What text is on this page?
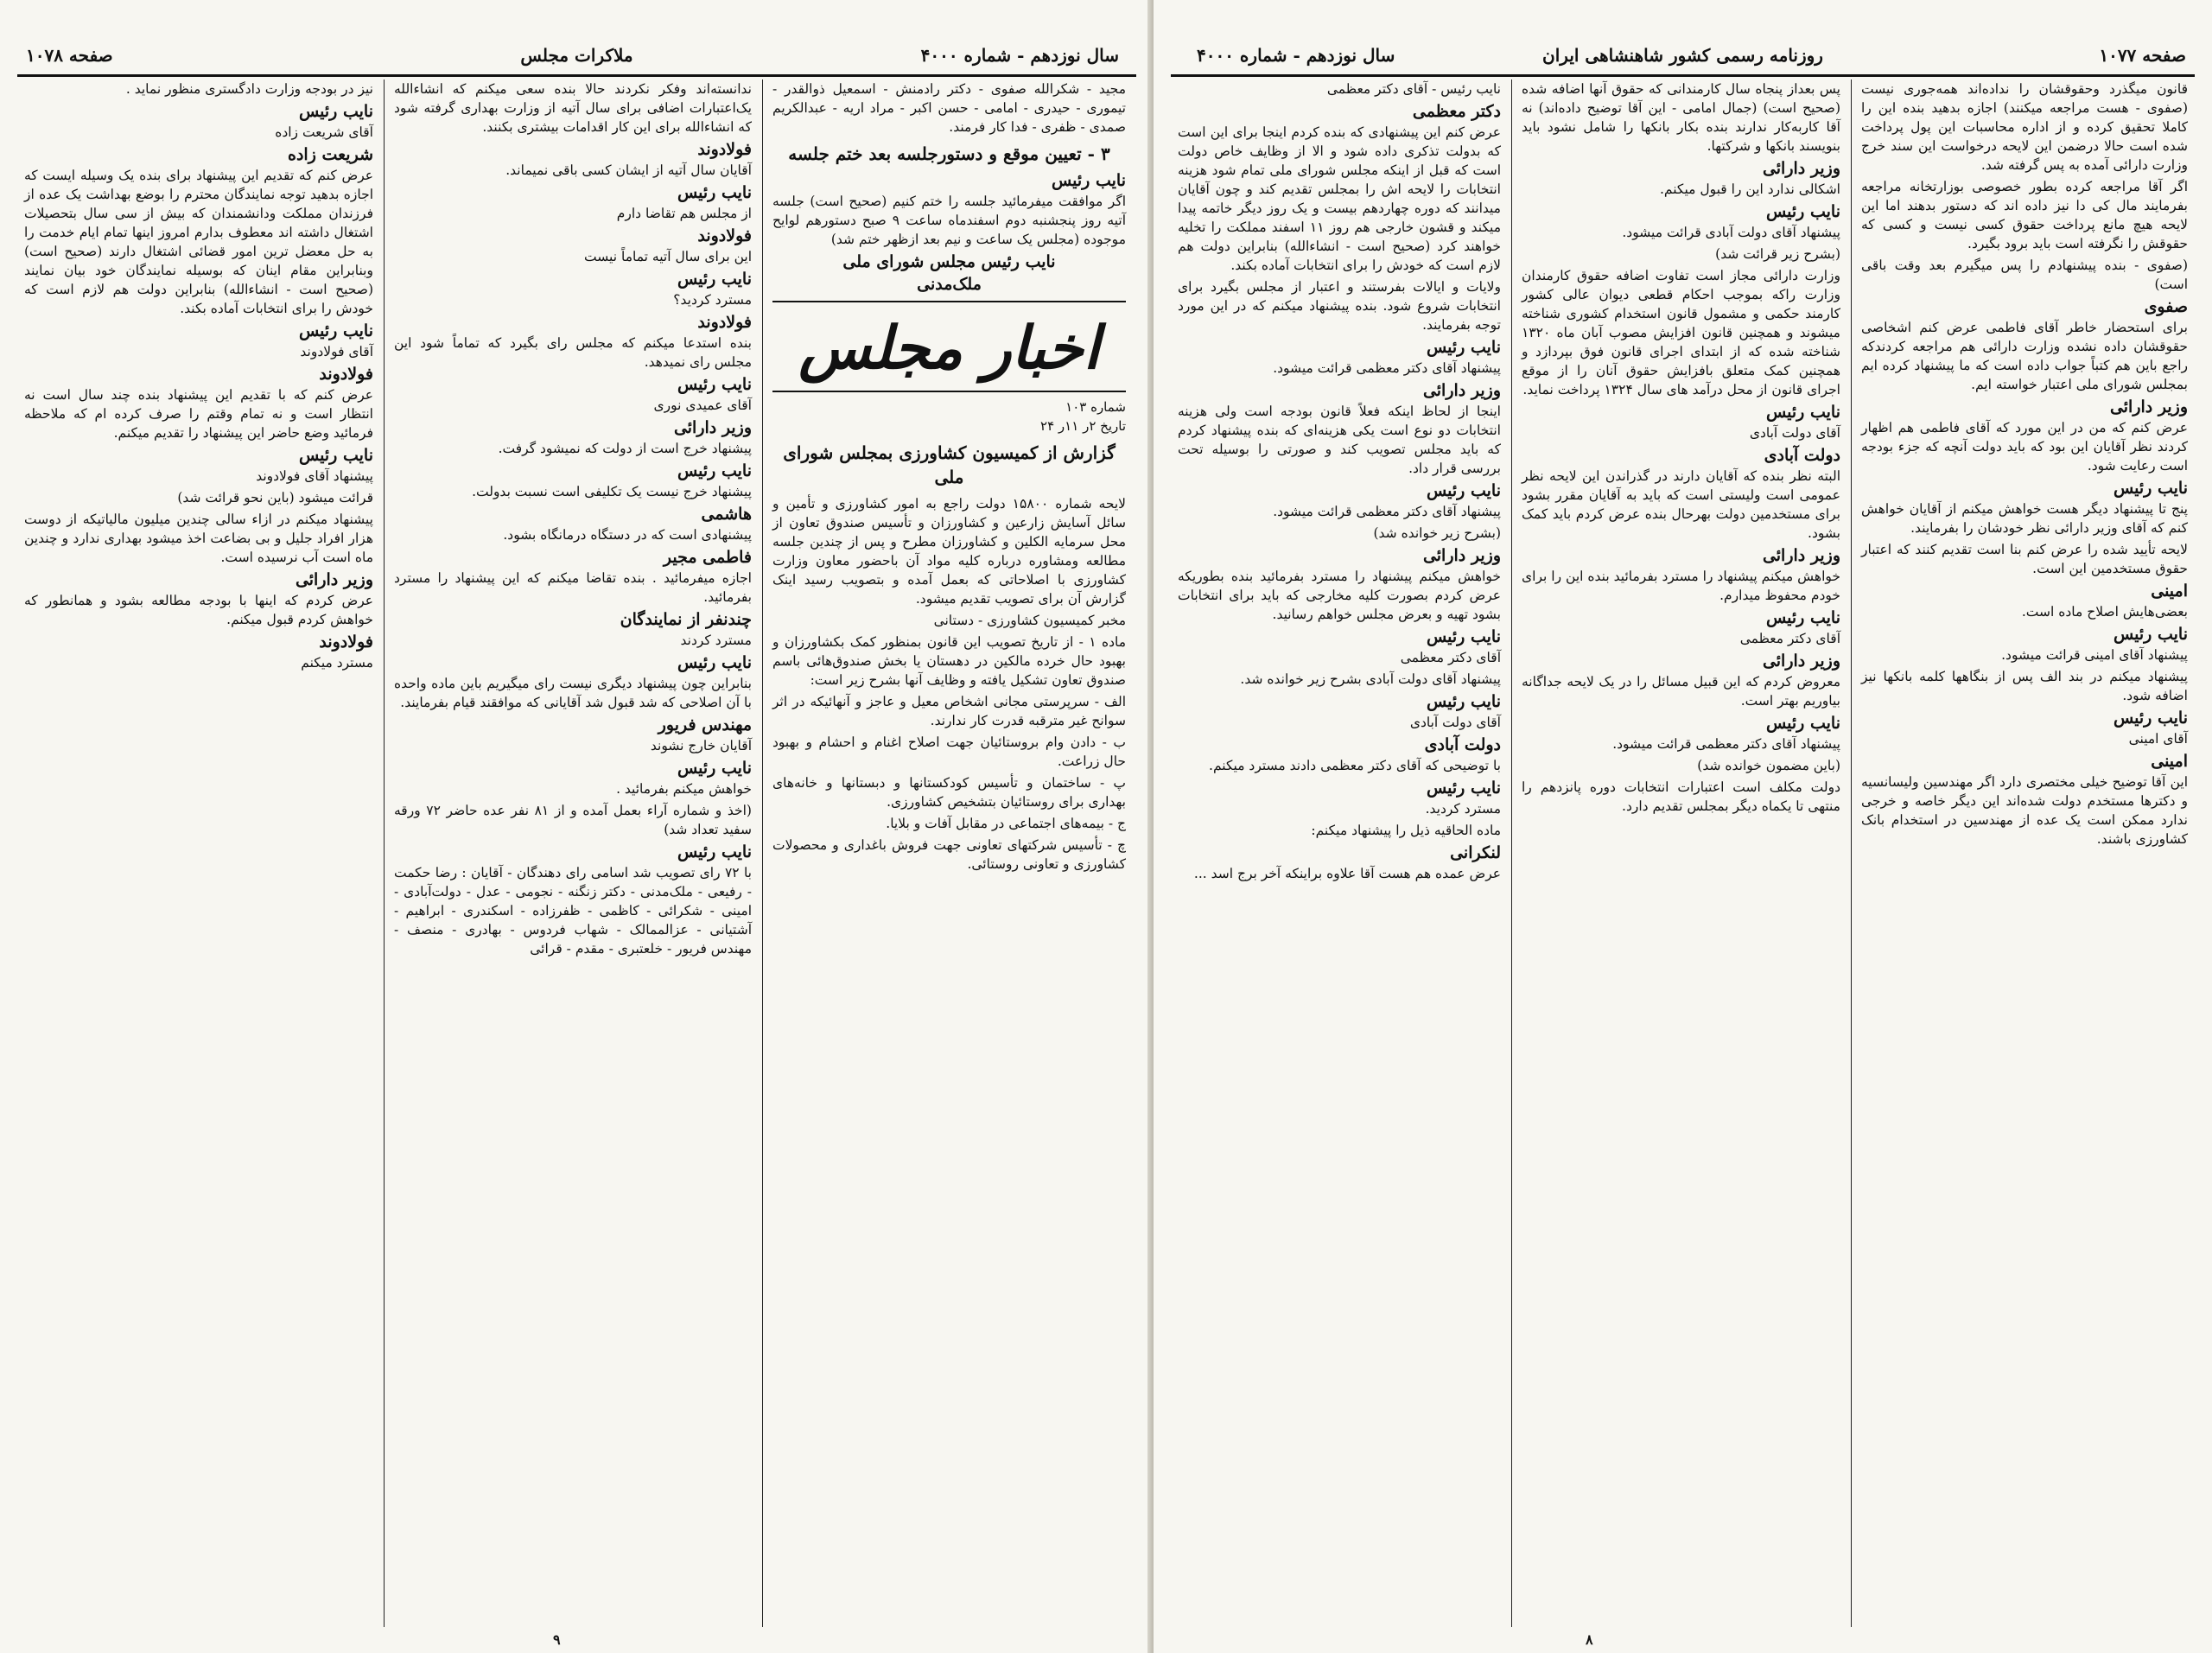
صفحه ۱۰۷۸	ملاکرات مجلس	سال نوزدهم - شماره ۴۰۰۰

نیز در بودجه وزارت دادگستری منظور نماید .

نایب رئیس

آقای شریعت زاده

شریعت زاده

عرض کنم که تقدیم این پیشنهاد برای بنده یک وسیله ایست که اجازه بدهید توجه نمایندگان محترم را بوضع بهداشت یک عده از فرزندان مملکت ودانشمندان که بیش از سی سال بتحصیلات اشتغال داشته اند معطوف بدارم امروز اینها تمام ایام خدمت را به حل معضل ترین امور قضائی اشتغال دارند (صحیح است) وبنابراین مقام اینان که بوسیله نمایندگان خود بیان نمایند (صحیح است - انشاءالله) بنابراین دولت هم لازم است که خودش را برای انتخابات آماده بکند.

نایب رئیس

آقای فولادوند

فولادوند

عرض کنم که با تقدیم این پیشنهاد بنده چند سال است نه انتظار است و نه تمام وقتم را صرف کرده ام که ملاحظه فرمائید وضع حاضر این پیشنهاد را تقدیم میکنم.

نایب رئیس

پیشنهاد آقای فولادوند

قرائت میشود (باین نحو قرائت شد)

پیشنهاد میکنم در ازاء سالی چندین میلیون مالیاتیکه از دوست هزار افراد جلیل و بی بضاعت اخذ میشود بهداری ندارد و چندین ماه است آب نرسیده است.

وزیر دارائی

عرض کردم که اینها با بودجه مطالعه بشود و همانطور که خواهش کردم قبول میکنم.

فولادوند

مسترد میکنم

ندانسته‌اند وفکر نکردند حالا بنده سعی میکنم که انشاءالله یک‌اعتبارات اضافی برای سال آتیه از وزارت بهداری گرفته شود که انشاءالله برای این کار اقدامات بیشتری بکنند.

فولادوند

آقایان سال آتیه از ایشان کسی باقی نمیماند.

نایب رئیس

از مجلس هم تقاضا دارم

فولادوند

این برای سال آتیه تماماً نیست

نایب رئیس

مسترد کردید؟

فولادوند

بنده استدعا میکنم که مجلس رای بگیرد که تماماً شود این مجلس رای نمیدهد.

نایب رئیس

آقای عمیدی نوری

وزیر دارائی

پیشنهاد خرج است از دولت که نمیشود گرفت.

نایب رئیس

پیشنهاد خرج نیست یک تکلیفی است نسبت بدولت.

هاشمی

پیشنهادی است که در دستگاه درمانگاه بشود.

فاطمی مجیر

اجازه میفرمائید . بنده تقاضا میکنم که این پیشنهاد را مسترد بفرمائید.

چندنفر از نمایندگان

مسترد کردند

نایب رئیس

بنابراین چون پیشنهاد دیگری نیست رای میگیریم باین ماده واحده با آن اصلاحی که شد قبول شد آقایانی که موافقند قیام بفرمایند.

مهندس فریور

آقایان خارج نشوند

نایب رئیس

خواهش میکنم بفرمائید .

(اخذ و شماره آراء بعمل آمده و از ۸۱ نفر عده حاضر ۷۲ ورقه سفید تعداد شد)

نایب رئیس

با ۷۲ رای تصویب شد اسامی رای دهندگان - آقایان : رضا حکمت - رفیعی - ملک‌مدنی - دکتر زنگنه - نجومی - عدل - دولت‌آبادی - امینی - شکرائی - کاظمی - ظفرزاده - اسکندری - ابراهیم - آشتیانی - عزالممالک - شهاب فردوس - بهادری - منصف - مهندس فریور - خلعتبری - مقدم - قرائی

مجید - شکرالله صفوی - دکتر رادمنش - اسمعیل ذوالقدر - تیموری - حیدری - امامی - حسن اکبر - مراد اریه - عبدالکریم صمدی - ظفری - فدا کار فرمند.

۳ - تعیین موقع و دستورجلسه بعد ختم جلسه
نایب رئیس

اگر موافقت میفرمائید جلسه را ختم کنیم (صحیح است) جلسه آتیه روز پنجشنبه دوم اسفندماه ساعت ۹ صبح دستورهم لوایح موجوده (مجلس یک ساعت و نیم بعد ازظهر ختم شد)

نایب رئیس مجلس شورای ملی
ملک‌مدنی
اخبار مجلس
شماره ۱۰۳
تاریخ ۲ر ۱۱ر ۲۴
گزارش از کمیسیون کشاورزی بمجلس شورای ملی

لایحه شماره ۱۵۸۰۰ دولت راجع به امور کشاورزی و تأمین و سائل آسایش زارعین و کشاورزان و تأسیس صندوق تعاون از محل سرمایه الکلین و کشاورزان مطرح و پس از چندین جلسه مطالعه ومشاوره درباره کلیه مواد آن باحضور معاون وزارت کشاورزی با اصلاحاتی که بعمل آمده و بتصویب رسید اینک گزارش آن برای تصویب تقدیم میشود.

مخبر کمیسیون کشاورزی - دستانی

ماده ۱ - از تاریخ تصویب این قانون بمنظور کمک بکشاورزان و بهبود حال خرده مالکین در دهستان یا بخش صندوق‌هائی باسم صندوق تعاون تشکیل یافته و وظایف آنها بشرح زیر است:

الف - سرپرستی مجانی اشخاص معیل و عاجز و آنهائیکه در اثر سوانح غیر مترقبه قدرت کار ندارند.

ب - دادن وام بروستائیان جهت اصلاح اغنام و احشام و بهبود حال زراعت.

پ - ساختمان و تأسیس کودکستانها و دبستانها و خانه‌های بهداری برای روستائیان بتشخیص کشاورزی.

ج - بیمه‌های اجتماعی در مقابل آفات و بلایا.

چ - تأسیس شرکتهای تعاونی جهت فروش باغداری و محصولات کشاورزی و تعاونی روستائی.

۹
سال نوزدهم - شماره ۴۰۰۰	روزنامه رسمی کشور شاهنشاهی ایران	صفحه ۱۰۷۷

نایب رئیس - آقای دکتر معظمی

دکتر معظمی

عرض کنم این پیشنهادی که بنده کردم اینجا برای این است که بدولت تذکری داده شود و الا از وظایف خاص دولت است که قبل از اینکه مجلس شورای ملی تمام شود هزینه انتخابات را لایحه اش را بمجلس تقدیم کند و چون آقایان میدانند که دوره چهاردهم بیست و یک روز دیگر خاتمه پیدا میکند و قشون خارجی هم روز ۱۱ اسفند مملکت را تخلیه خواهند کرد (صحیح است - انشاءالله) بنابراین دولت هم لازم است که خودش را برای انتخابات آماده بکند.

ولایات و ایالات بفرستند و اعتبار از مجلس بگیرد برای انتخابات شروع شود. بنده پیشنهاد میکنم که در این مورد توجه بفرمایند.

نایب رئیس

پیشنهاد آقای دکتر معظمی قرائت میشود.

وزیر دارائی

اینجا از لحاظ اینکه فعلاً قانون بودجه است ولی هزینه انتخابات دو نوع است یکی هزینه‌ای که بنده پیشنهاد کردم که باید مجلس تصویب کند و صورتی را بوسیله تحت بررسی قرار داد.

نایب رئیس

پیشنهاد آقای دکتر معظمی قرائت میشود.

(بشرح زیر خوانده شد)

وزیر دارائی

خواهش میکنم پیشنهاد را مسترد بفرمائید بنده بطوریکه عرض کردم بصورت کلیه مخارجی که باید برای انتخابات بشود تهیه و بعرض مجلس خواهم رسانید.

نایب رئیس

آقای دکتر معظمی

پیشنهاد آقای دولت آبادی بشرح زیر خوانده شد.

نایب رئیس

آقای دولت آبادی

دولت آبادی

با توضیحی که آقای دکتر معظمی دادند مسترد میکنم.

نایب رئیس

مسترد کردید.

ماده الحاقیه ذیل را پیشنهاد میکنم:

لنکرانی

عرض عمده هم هست آقا علاوه براینکه آخر برج اسد ...

پس بعداز پنجاه سال کارمندانی که حقوق آنها اضافه شده (صحیح است) (جمال امامی - این آقا توضیح داده‌اند) نه آقا کاربه‌کار ندارند بنده بکار بانکها را شامل نشود باید بنویسند بانکها و شرکتها.

وزیر دارائی

اشکالی ندارد این را قبول میکنم.

نایب رئیس

پیشنهاد آقای دولت آبادی قرائت میشود.

(بشرح زیر قرائت شد)

وزارت دارائی مجاز است تفاوت اضافه حقوق کارمندان وزارت راکه بموجب احکام قطعی دیوان عالی کشور کارمند حکمی و مشمول قانون استخدام کشوری شناخته میشوند و همچنین قانون افزایش مصوب آبان ماه ۱۳۲۰ شناخته شده که از ابتدای اجرای قانون فوق بپردازد و همچنین کمک متعلق بافزایش حقوق آنان را از موقع اجرای قانون از محل درآمد های سال ۱۳۲۴ پرداخت نماید.

نایب رئیس

آقای دولت آبادی

دولت آبادی

البته نظر بنده که آقایان دارند در گذراندن این لایحه نظر عمومی است ولیستی است که باید به آقایان مقرر بشود برای مستخدمین دولت بهرحال بنده عرض کردم باید کمک بشود.

وزیر دارائی

خواهش میکنم پیشنهاد را مسترد بفرمائید بنده این را برای خودم محفوظ میدارم.

نایب رئیس

آقای دکتر معظمی

وزیر دارائی

معروض کردم که این قبیل مسائل را در یک لایحه جداگانه بیاوریم بهتر است.

نایب رئیس

پیشنهاد آقای دکتر معظمی قرائت میشود.

(باین مضمون خوانده شد)

دولت مکلف است اعتبارات انتخابات دوره پانزدهم را منتهی تا یکماه دیگر بمجلس تقدیم دارد.

قانون میگذرد وحقوقشان را نداده‌اند همه‌جوری نیست (صفوی - هست مراجعه میکنند) اجازه بدهید بنده این را کاملا تحقیق کرده و از اداره محاسبات این پول پرداخت شده است حالا درضمن این لایحه درخواست این سند خرج وزارت دارائی آمده به پس گرفته شد.

اگر آقا مراجعه کرده بطور خصوصی بوزارتخانه مراجعه بفرمایند مال کی دا نیز داده اند که دستور بدهند اما این لایحه هیچ مانع پرداخت حقوق کسی نیست و کسی که حقوقش را نگرفته است باید برود بگیرد.

(صفوی - بنده پیشنهادم را پس میگیرم بعد وقت باقی است)

صفوی

برای استحضار خاطر آقای فاطمی عرض کنم اشخاصی حقوقشان داده نشده وزارت دارائی هم مراجعه کردندکه راجع باین هم کتباً جواب داده است که ما پیشنهاد کرده ایم بمجلس شورای ملی اعتبار خواسته ایم.

وزیر دارائی

عرض کنم که من در این مورد که آقای فاطمی هم اظهار کردند نظر آقایان این بود که باید دولت آنچه که جزء بودجه است رعایت شود.

نایب رئیس

پنج تا پیشنهاد دیگر هست خواهش میکنم از آقایان خواهش کنم که آقای وزیر دارائی نظر خودشان را بفرمایند.

لایحه تأیید شده را عرض کنم بنا است تقدیم کنند که اعتبار حقوق مستخدمین این است.

امینی

بعضی‌هایش اصلاح ماده است.

نایب رئیس

پیشنهاد آقای امینی قرائت میشود.

پیشنهاد میکنم در بند الف پس از بنگاهها کلمه بانکها نیز اضافه شود.

نایب رئیس

آقای امینی

امینی

این آقا توضیح خیلی مختصری دارد اگر مهندسین ولیسانسیه و دکترها مستخدم دولت شده‌اند این دیگر خاصه و خرجی ندارد ممکن است یک عده از مهندسین در استخدام بانک کشاورزی باشند.

۸
